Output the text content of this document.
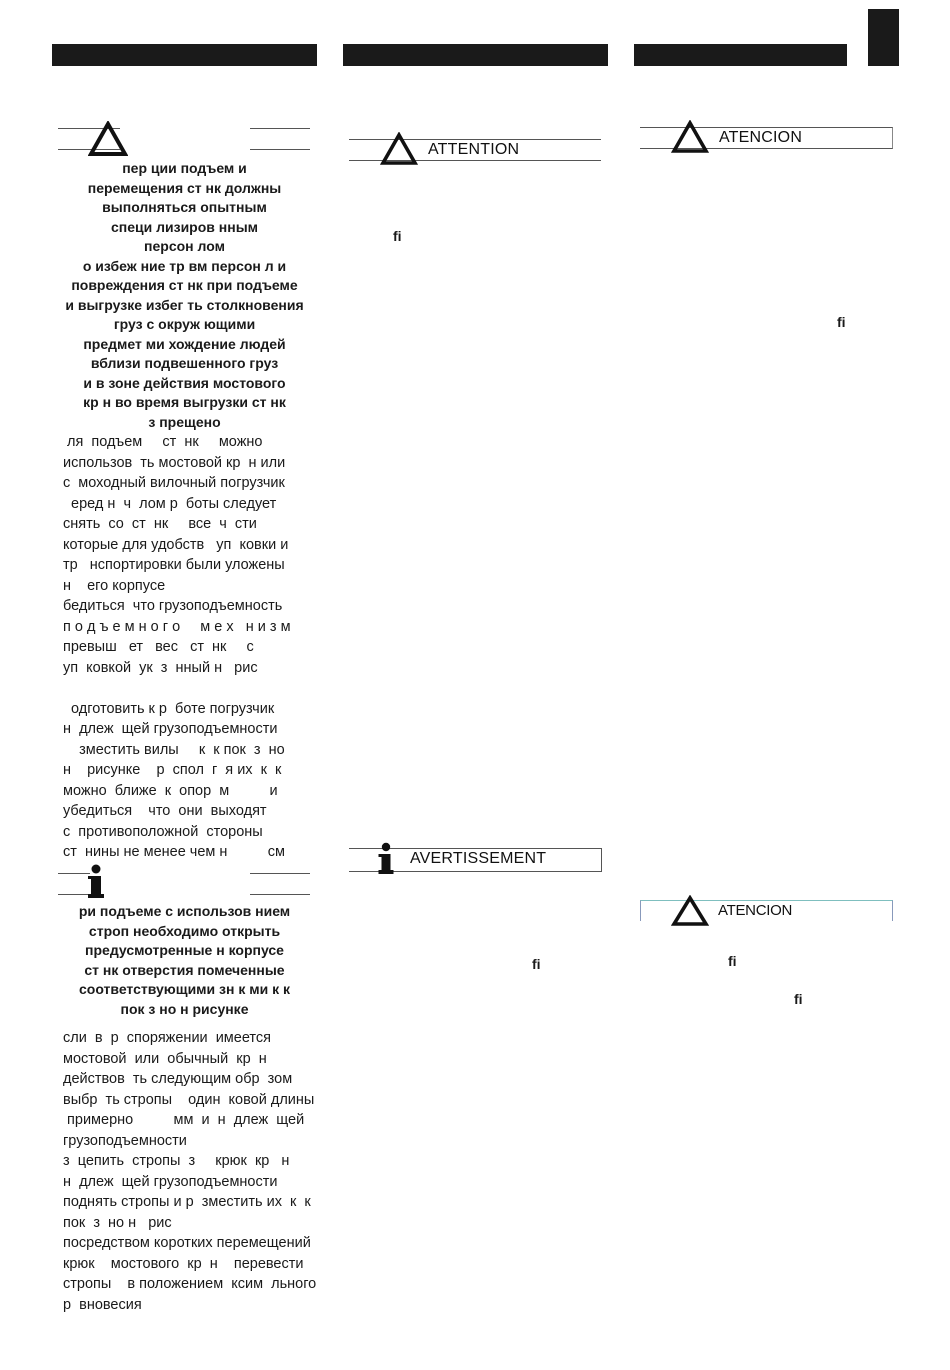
пер ции подъем и
перемещения ст нк должны
выполняться опытным
специ лизиров нным
персон лом
о избеж ние тр вм персон л и
повреждения ст нк при подъеме
и выгрузке избег ть столкновения
груз с окруж ющими
предмет ми хождение людей
вблизи подвешенного груз
и в зоне действия мостового
кр н во время выгрузки ст нк
з прещено
ля  подъем     ст  нк     можно
использов  ть мостовой кр  н или
с  моходный вилочный погрузчик
еред н  ч  лом р  боты следует
снять  со  ст  нк     все  ч  сти
которые для удобств   уп  ковки и
тр   нспортировки были уложены
н    его корпусе
бедиться  что грузоподъемность
п о д ъ е м н о г о     м е х   н и з м
превыш   ет   вес   ст  нк     с
уп  ковкой  ук  з  нный н   рис
одготовить к р  боте погрузчик
н  длеж  щей грузоподъемности
зместить вилы     к  к пок  з  но
н    рисунке    р  спол  г  я их  к  к
можно  ближе  к  опор  м          и
убедиться    что  они  выходят
с  противоположной  стороны
ст  нины не менее чем н          см
ри подъеме с использов нием
строп необходимо открыть
предусмотренные н корпусе
ст нк отверстия помеченные
соответствующими зн к ми к к
пок з но н рисунке
сли  в  р  споряжении  имеется
мостовой  или  обычный  кр  н
действов  ть следующим обр  зом
выбр  ть стропы    один  ковой длины
примерно          мм  и  н  длеж  щей
грузоподъемности
з  цепить  стропы  з     крюк  кр   н
н  длеж  щей грузоподъемности
поднять стропы и р  зместить их  к  к
пок  з  но н   рис
посредством коротких перемещений
крюк    мостового  кр  н    перевести
стропы    в положением  ксим  льного
р  вновесия
ATTENTION
fi
AVERTISSEMENT
fi
ATENCION
fi
ATENCION
fi
fi
